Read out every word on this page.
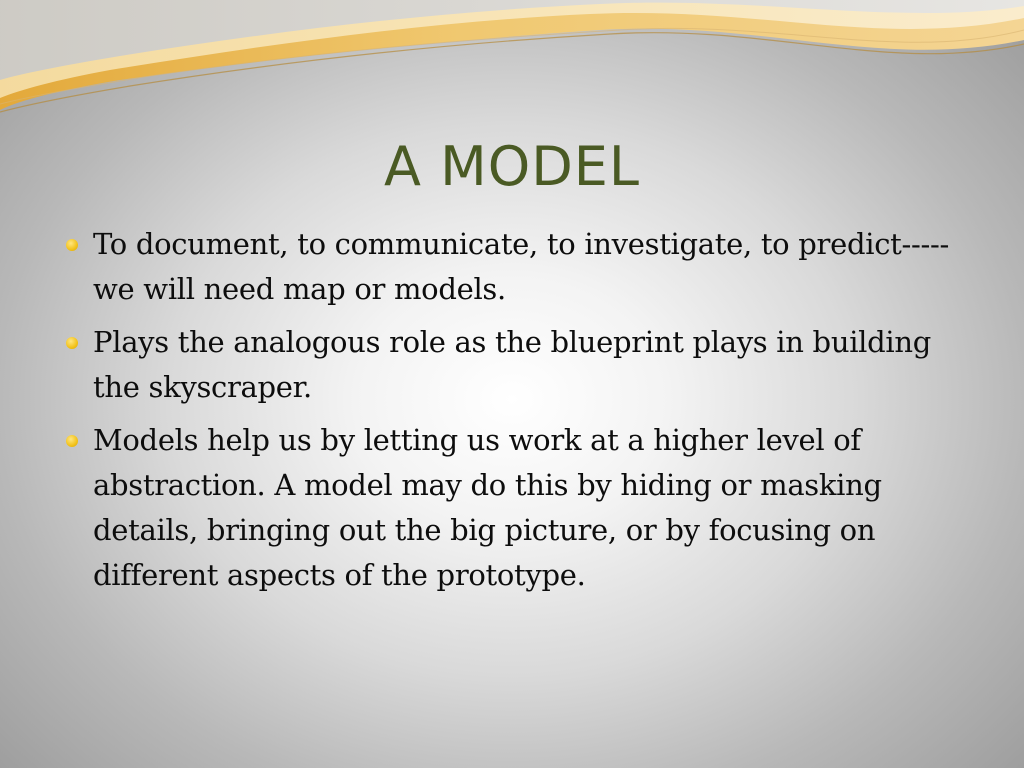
A MODEL
To document, to communicate, to investigate, to predict-----we will need map or models.
Plays the analogous role as the blueprint plays in building the skyscraper.
Models help us by letting us work at a higher level of abstraction. A model may do this by hiding or masking details, bringing out the big picture, or by focusing on different aspects of the prototype.
